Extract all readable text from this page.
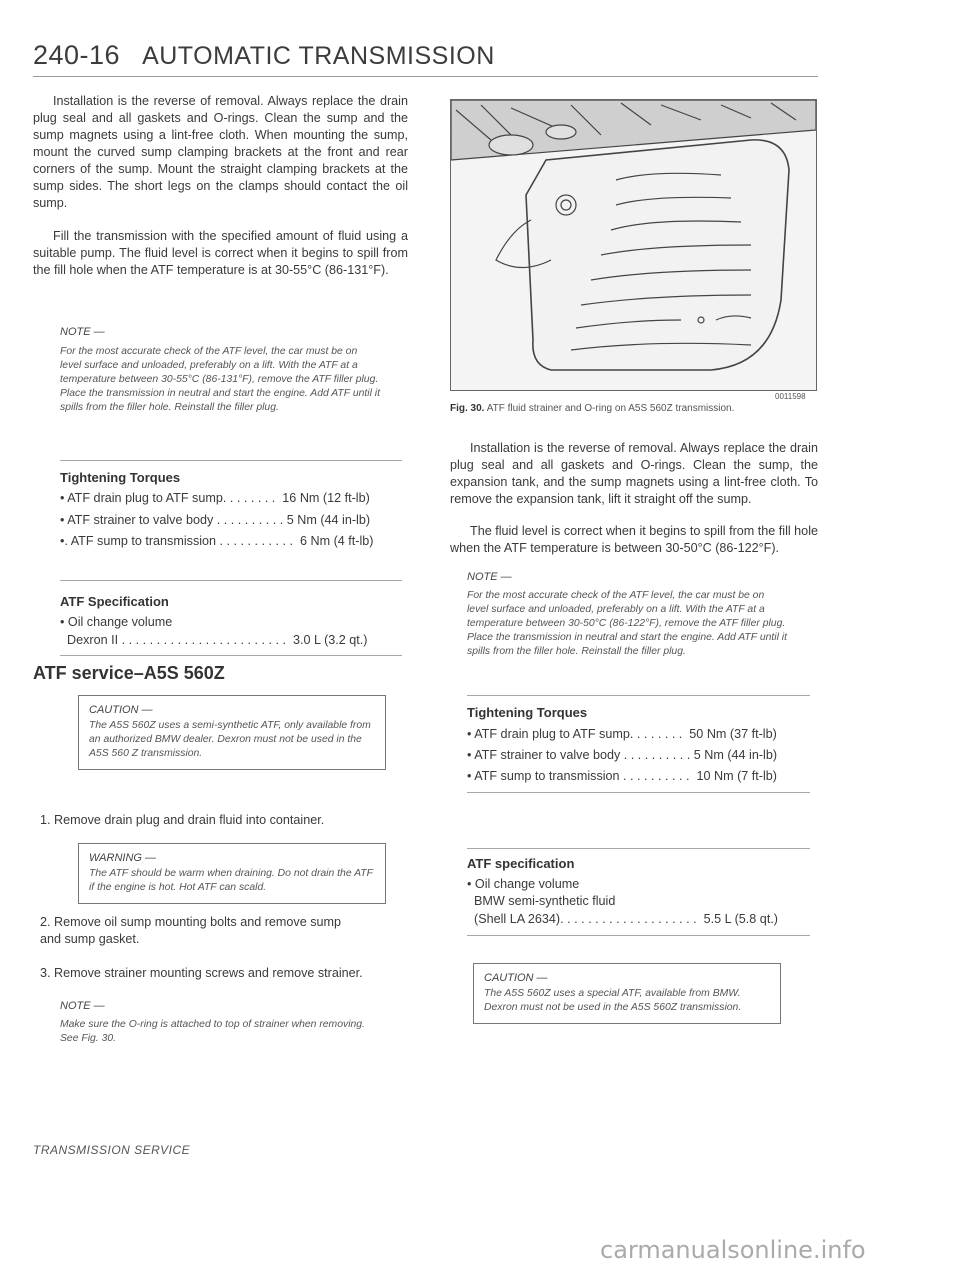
240-16 AUTOMATIC TRANSMISSION
Installation is the reverse of removal. Always replace the drain plug seal and all gaskets and O-rings. Clean the sump and the sump magnets using a lint-free cloth. When mounting the sump, mount the curved sump clamping brackets at the front and rear corners of the sump. Mount the straight clamping brackets at the sump sides. The short legs on the clamps should contact the oil sump.
Fill the transmission with the specified amount of fluid using a suitable pump. The fluid level is correct when it begins to spill from the fill hole when the ATF temperature is at 30-55°C (86-131°F).
NOTE —
For the most accurate check of the ATF level, the car must be on level surface and unloaded, preferably on a lift. With the ATF at a temperature between 30-55°C (86-131°F), remove the ATF filler plug. Place the transmission in neutral and start the engine. Add ATF until it spills from the filler hole. Reinstall the filler plug.
Tightening Torques
• ATF drain plug to ATF sump. . . . . . . .  16 Nm (12 ft-lb)
• ATF strainer to valve body . . . . . . . . . . 5 Nm (44 in-lb)
•. ATF sump to transmission . . . . . . . . . . .  6 Nm (4 ft-lb)
ATF Specification
• Oil change volume
Dexron II . . . . . . . . . . . . . . . . . . . . . . . .  3.0 L (3.2 qt.)
ATF service–A5S 560Z
CAUTION —
The A5S 560Z uses a semi-synthetic ATF, only available from an authorized BMW dealer. Dexron must not be used in the A5S 560 Z transmission.
1. Remove drain plug and drain fluid into container.
WARNING —
The ATF should be warm when draining. Do not drain the ATF if the engine is hot. Hot ATF can scald.
2. Remove oil sump mounting bolts and remove sump
and sump gasket.
3. Remove strainer mounting screws and remove strainer.
NOTE —
Make sure the O-ring is attached to top of strainer when removing. See Fig. 30.
0011598
Fig. 30. ATF fluid strainer and O-ring on A5S 560Z transmission.
Installation is the reverse of removal. Always replace the drain plug seal and all gaskets and O-rings. Clean the sump, the expansion tank, and the sump magnets using a lint-free cloth. To remove the expansion tank, lift it straight off the sump.
The fluid level is correct when it begins to spill from the fill hole when the ATF temperature is between 30-50°C (86-122°F).
NOTE —
For the most accurate check of the ATF level, the car must be on level surface and unloaded, preferably on a lift. With the ATF at a temperature between 30-50°C (86-122°F), remove the ATF filler plug. Place the transmission in neutral and start the engine. Add ATF until it spills from the filler hole. Reinstall the filler plug.
Tightening Torques
• ATF drain plug to ATF sump. . . . . . . .  50 Nm (37 ft-lb)
• ATF strainer to valve body . . . . . . . . . . 5 Nm (44 in-lb)
• ATF sump to transmission . . . . . . . . . .  10 Nm (7 ft-lb)
ATF specification
• Oil change volume
BMW semi-synthetic fluid
(Shell LA 2634). . . . . . . . . . . . . . . . . . . .  5.5 L (5.8 qt.)
CAUTION —
The A5S 560Z uses a special ATF, available from BMW. Dexron must not be used in the A5S 560Z transmission.
TRANSMISSION SERVICE
carmanualsonline.info
